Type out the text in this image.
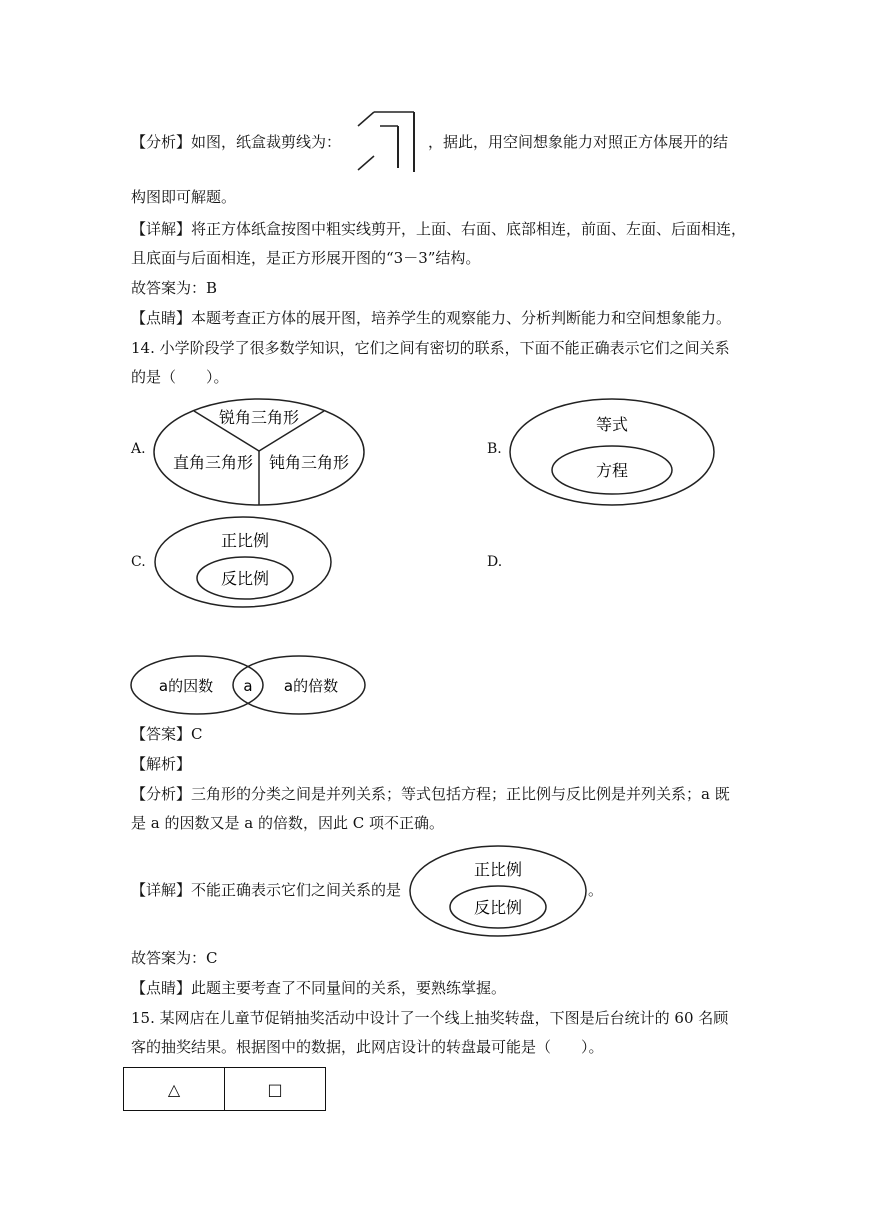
【分析】如图，纸盒裁剪线为：	，据此，用空间想象能力对照正方体展开的结
构图即可解题。
【详解】将正方体纸盒按图中粗实线剪开，上面、右面、底部相连，前面、左面、后面相连，
且底面与后面相连，是正方形展开图的“3－3”结构。
故答案为：B
【点睛】本题考查正方体的展开图，培养学生的观察能力、分析判断能力和空间想象能力。
14. 小学阶段学了很多数学知识，它们之间有密切的联系，下面不能正确表示它们之间关系
的是（　　）。
A.
锐角三角形
直角三角形 钝角三角形
B.
等式
方程
C.
正比例
反比例
D.
a的因数 a a的倍数
【答案】C
【解析】
【分析】三角形的分类之间是并列关系；等式包括方程；正比例与反比例是并列关系；a 既
是 a 的因数又是 a 的倍数，因此 C 项不正确。
【详解】不能正确表示它们之间关系的是
正比例
反比例
。
故答案为：C
【点睛】此题主要考查了不同量间的关系，要熟练掌握。
15. 某网店在儿童节促销抽奖活动中设计了一个线上抽奖转盘，下图是后台统计的 60 名顾
客的抽奖结果。根据图中的数据，此网店设计的转盘最可能是（　　）。
△	□
